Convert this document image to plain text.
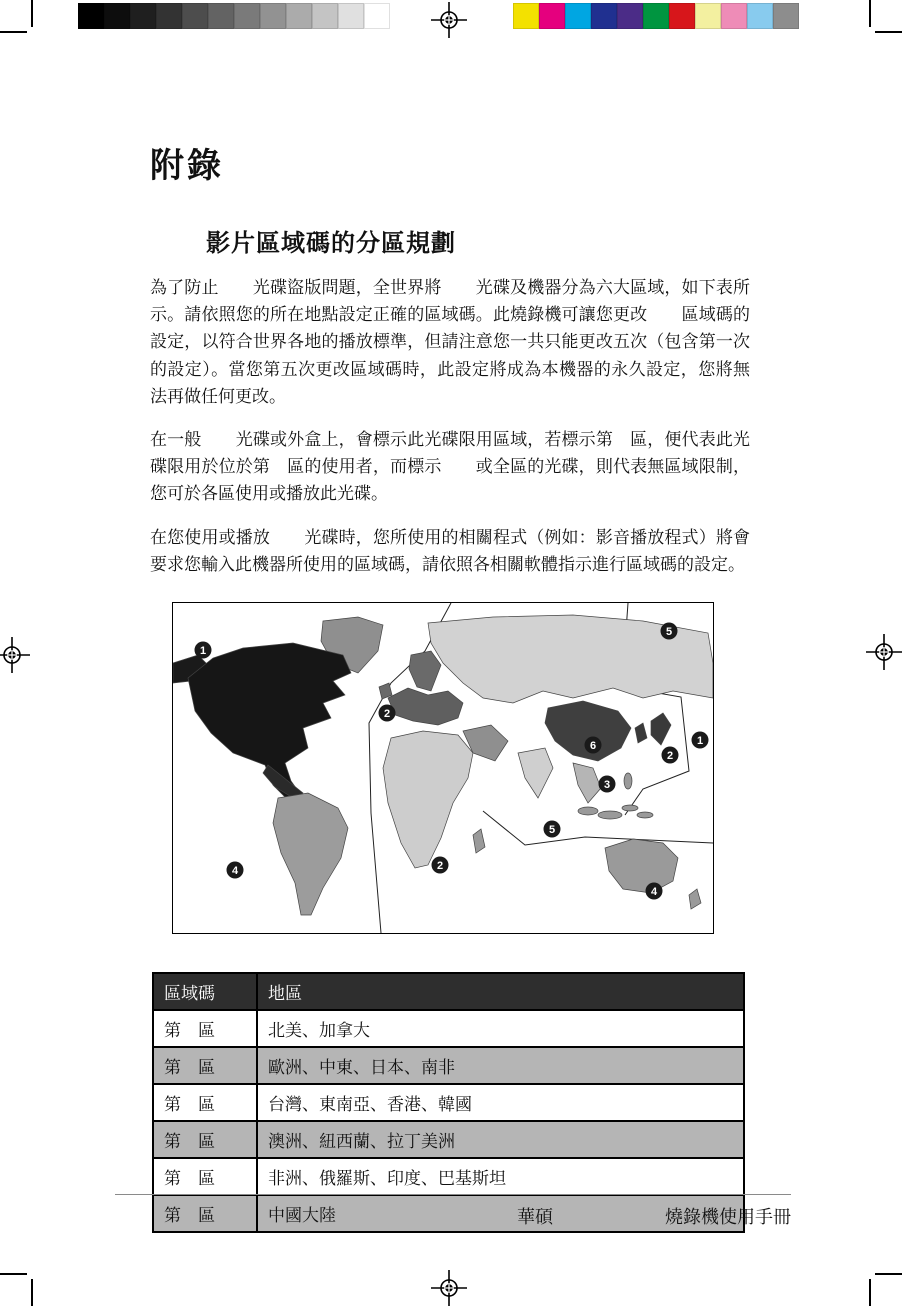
附錄
影片區域碼的分區規劃

為了防止　　光碟盜版問題，全世界將　　光碟及機器分為六大區域，如下表所示。請依照您的所在地點設定正確的區域碼。此燒錄機可讓您更改　　區域碼的設定，以符合世界各地的播放標準，但請注意您一共只能更改五次（包含第一次的設定）。當您第五次更改區域碼時，此設定將成為本機器的永久設定，您將無法再做任何更改。

在一般　　光碟或外盒上，會標示此光碟限用區域，若標示第　區，便代表此光碟限用於位於第　區的使用者，而標示　　或全區的光碟，則代表無區域限制，您可於各區使用或播放此光碟。

在您使用或播放　　光碟時，您所使用的相關程式（例如：影音播放程式）將會要求您輸入此機器所使用的區域碼，請依照各相關軟體指示進行區域碼的設定。

1
5
2
6	1
2
3
5
2
4
4
區域碼	地區
第　區	北美、加拿大
第　區	歐洲、中東、日本、南非
第　區	台灣、東南亞、香港、韓國
第　區	澳洲、紐西蘭、拉丁美洲
第　區	非洲、俄羅斯、印度、巴基斯坦
第　區	中國大陸	華碩	燒錄機使用手冊
